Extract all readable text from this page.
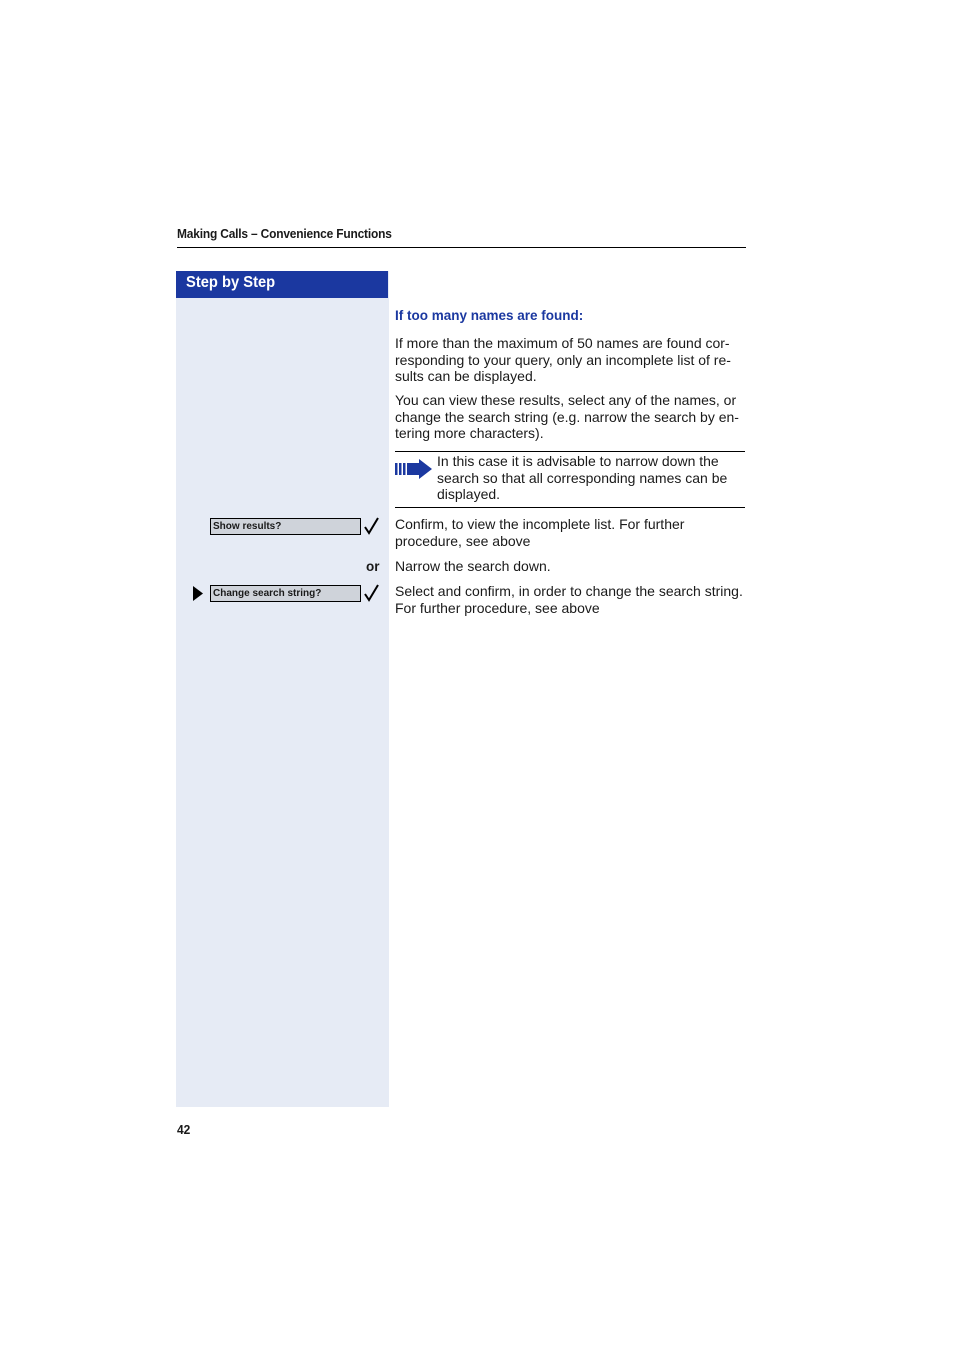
Making Calls – Convenience Functions
Step by Step
If too many names are found:
If more than the maximum of 50 names are found cor-responding to your query, only an incomplete list of re-sults can be displayed.
You can view these results, select any of the names, or change the search string (e.g. narrow the search by en-tering more characters).
In this case it is advisable to narrow down the search so that all corresponding names can be displayed.
Show results?	Confirm, to view the incomplete list. For further procedure, see above
or Narrow the search down.
Change search string?	Select and confirm, in order to change the search string. For further procedure, see above
42
